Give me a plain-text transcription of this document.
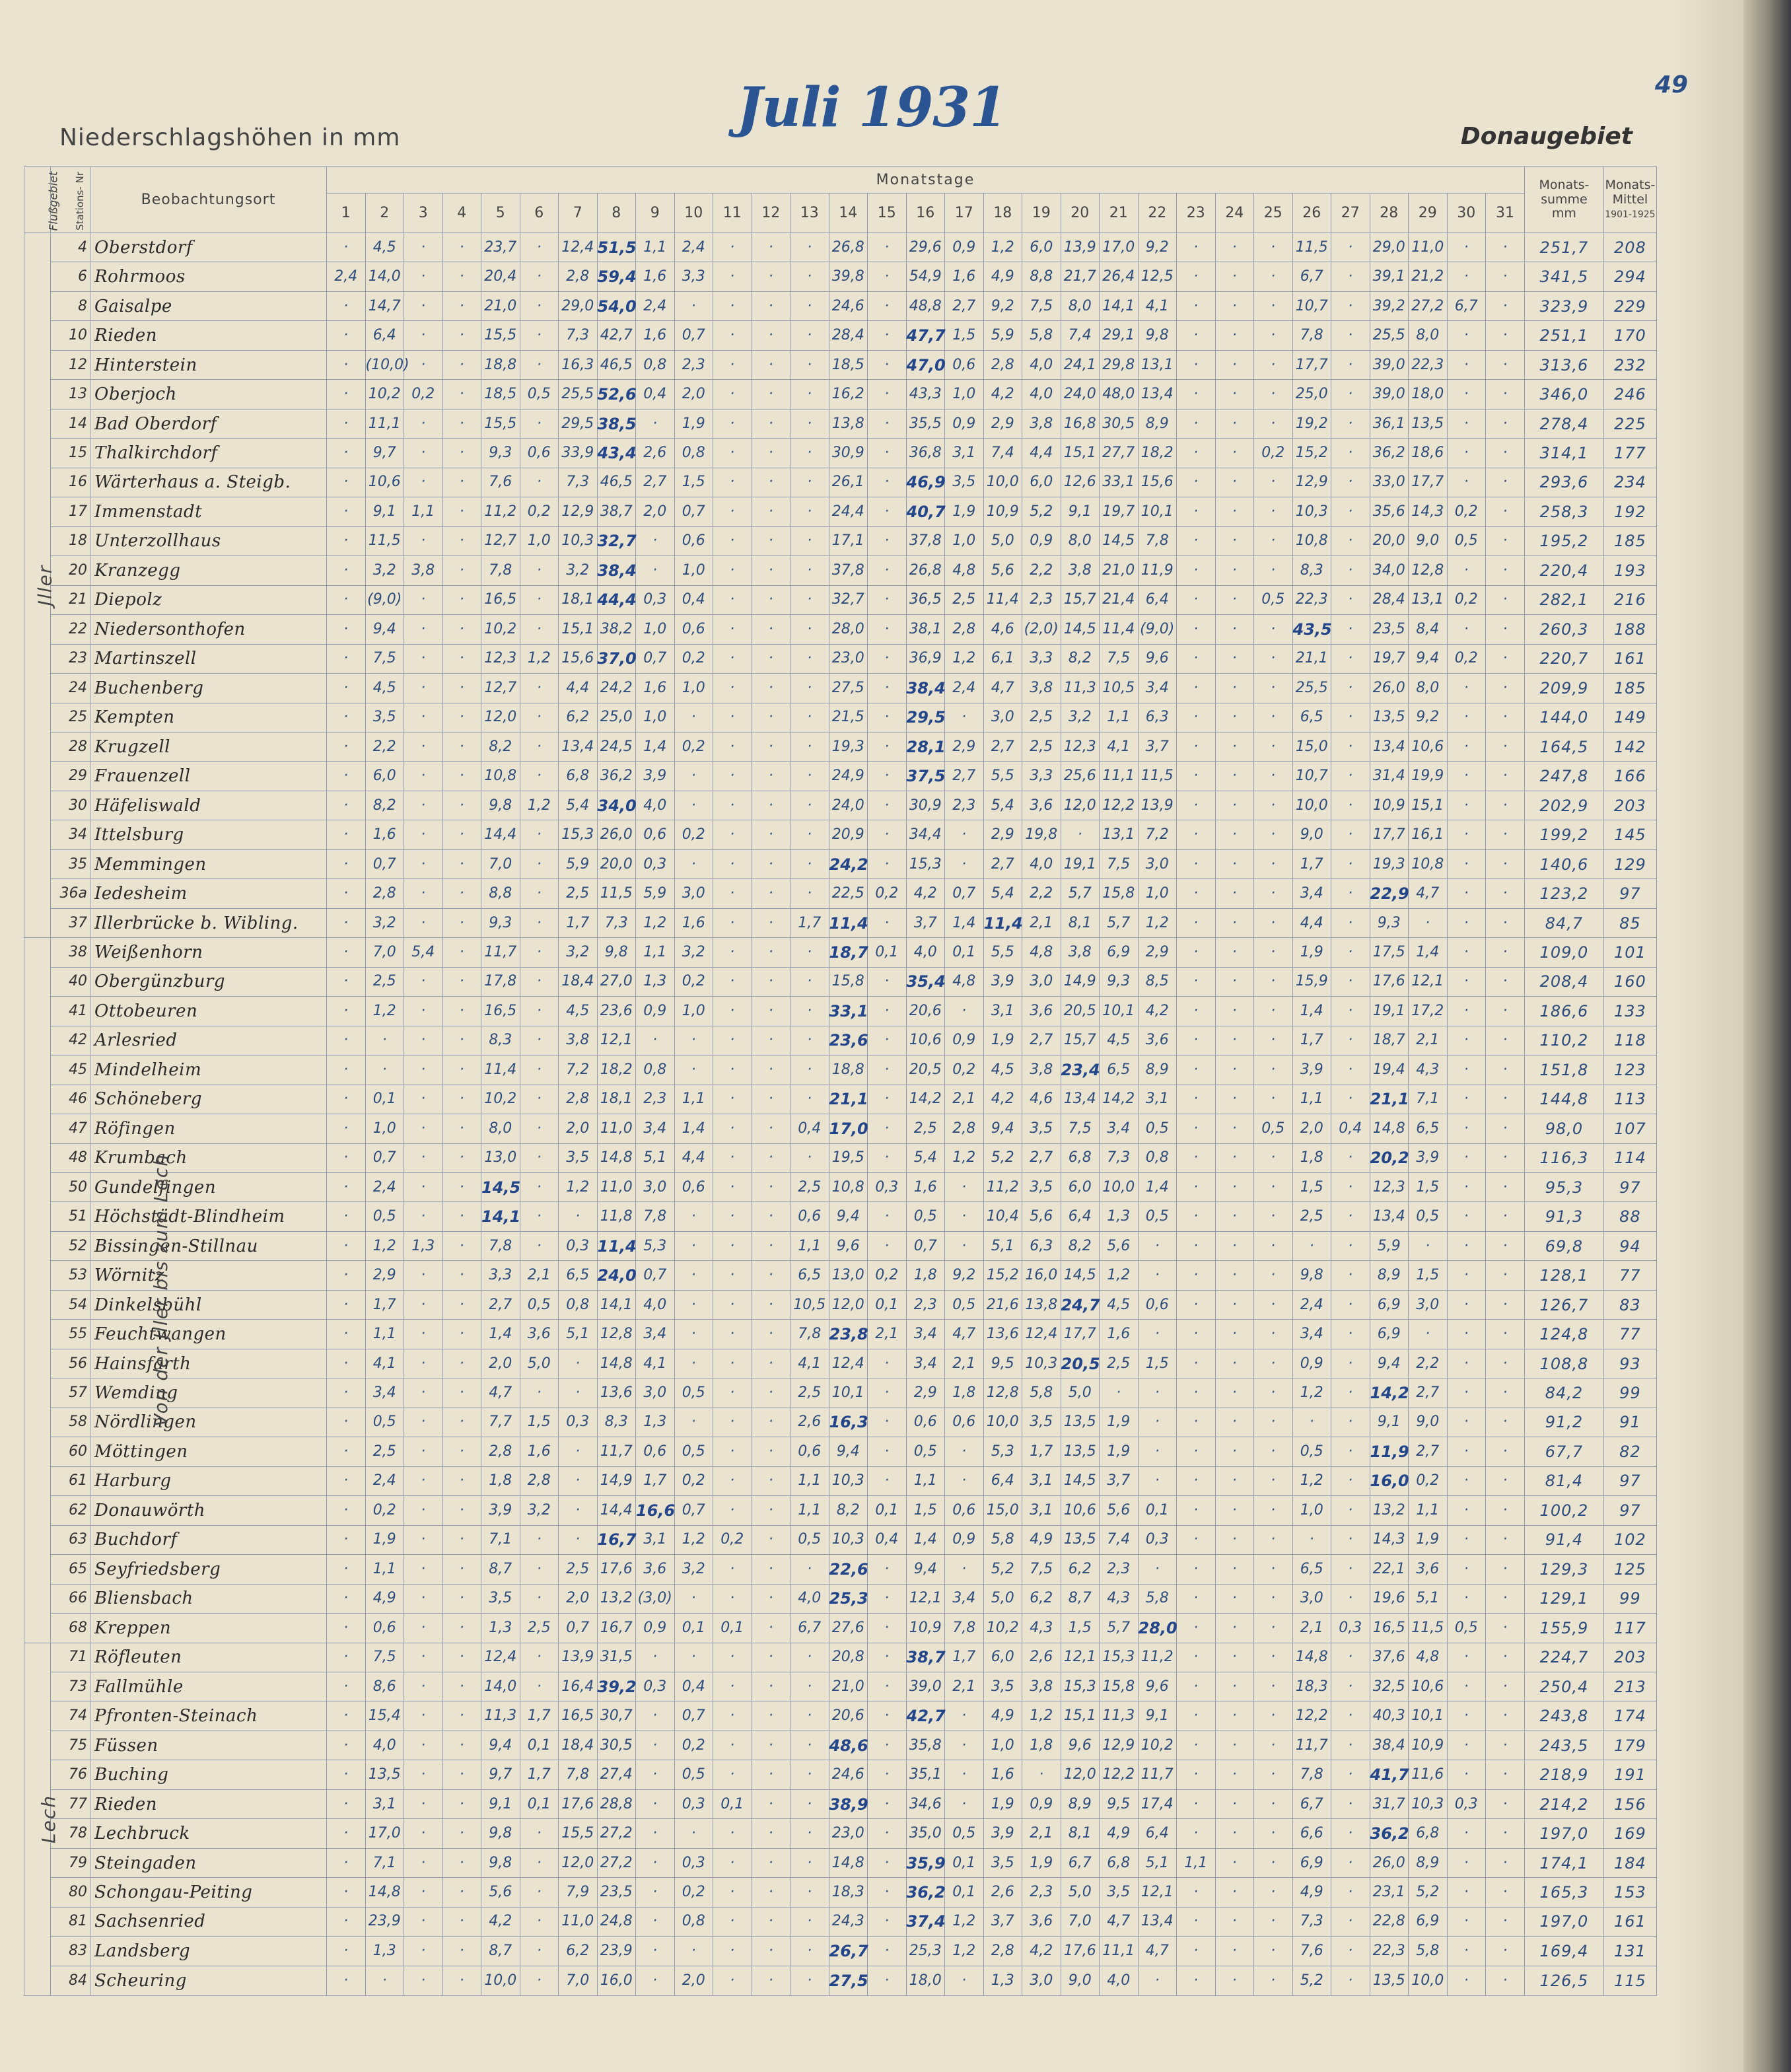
49
Juli 1931
Niederschlagshöhen in mm	Donaugebiet
Flußgebiet	Stations- Nr	Beobachtungsort	Monatstage																															Monats-
summe
mm	Monats-
Mittel
1901-1925
			1	2	3	4	5	6	7	8	9	10	11	12	13	14	15	16	17	18	19	20	21	22	23	24	25	26	27	28	29	30	31		
Jller	4	Oberstdorf	·	4,5	·	·	23,7	·	12,4	51,5	1,1	2,4	·	·	·	26,8	·	29,6	0,9	1,2	6,0	13,9	17,0	9,2	·	·	·	11,5	·	29,0	11,0	·	·	251,7	208
	6	Rohrmoos	2,4	14,0	·	·	20,4	·	2,8	59,4	1,6	3,3	·	·	·	39,8	·	54,9	1,6	4,9	8,8	21,7	26,4	12,5	·	·	·	6,7	·	39,1	21,2	·	·	341,5	294
	8	Gaisalpe	·	14,7	·	·	21,0	·	29,0	54,0	2,4	·	·	·	·	24,6	·	48,8	2,7	9,2	7,5	8,0	14,1	4,1	·	·	·	10,7	·	39,2	27,2	6,7	·	323,9	229
	10	Rieden	·	6,4	·	·	15,5	·	7,3	42,7	1,6	0,7	·	·	·	28,4	·	47,7	1,5	5,9	5,8	7,4	29,1	9,8	·	·	·	7,8	·	25,5	8,0	·	·	251,1	170
	12	Hinterstein	·	(10,0)	·	·	18,8	·	16,3	46,5	0,8	2,3	·	·	·	18,5	·	47,0	0,6	2,8	4,0	24,1	29,8	13,1	·	·	·	17,7	·	39,0	22,3	·	·	313,6	232
	13	Oberjoch	·	10,2	0,2	·	18,5	0,5	25,5	52,6	0,4	2,0	·	·	·	16,2	·	43,3	1,0	4,2	4,0	24,0	48,0	13,4	·	·	·	25,0	·	39,0	18,0	·	·	346,0	246
	14	Bad Oberdorf	·	11,1	·	·	15,5	·	29,5	38,5	·	1,9	·	·	·	13,8	·	35,5	0,9	2,9	3,8	16,8	30,5	8,9	·	·	·	19,2	·	36,1	13,5	·	·	278,4	225
	15	Thalkirchdorf	·	9,7	·	·	9,3	0,6	33,9	43,4	2,6	0,8	·	·	·	30,9	·	36,8	3,1	7,4	4,4	15,1	27,7	18,2	·	·	0,2	15,2	·	36,2	18,6	·	·	314,1	177
	16	Wärterhaus a. Steigb.	·	10,6	·	·	7,6	·	7,3	46,5	2,7	1,5	·	·	·	26,1	·	46,9	3,5	10,0	6,0	12,6	33,1	15,6	·	·	·	12,9	·	33,0	17,7	·	·	293,6	234
	17	Immenstadt	·	9,1	1,1	·	11,2	0,2	12,9	38,7	2,0	0,7	·	·	·	24,4	·	40,7	1,9	10,9	5,2	9,1	19,7	10,1	·	·	·	10,3	·	35,6	14,3	0,2	·	258,3	192
	18	Unterzollhaus	·	11,5	·	·	12,7	1,0	10,3	32,7	·	0,6	·	·	·	17,1	·	37,8	1,0	5,0	0,9	8,0	14,5	7,8	·	·	·	10,8	·	20,0	9,0	0,5	·	195,2	185
	20	Kranzegg	·	3,2	3,8	·	7,8	·	3,2	38,4	·	1,0	·	·	·	37,8	·	26,8	4,8	5,6	2,2	3,8	21,0	11,9	·	·	·	8,3	·	34,0	12,8	·	·	220,4	193
	21	Diepolz	·	(9,0)	·	·	16,5	·	18,1	44,4	0,3	0,4	·	·	·	32,7	·	36,5	2,5	11,4	2,3	15,7	21,4	6,4	·	·	0,5	22,3	·	28,4	13,1	0,2	·	282,1	216
	22	Niedersonthofen	·	9,4	·	·	10,2	·	15,1	38,2	1,0	0,6	·	·	·	28,0	·	38,1	2,8	4,6	(2,0)	14,5	11,4	(9,0)	·	·	·	43,5	·	23,5	8,4	·	·	260,3	188
	23	Martinszell	·	7,5	·	·	12,3	1,2	15,6	37,0	0,7	0,2	·	·	·	23,0	·	36,9	1,2	6,1	3,3	8,2	7,5	9,6	·	·	·	21,1	·	19,7	9,4	0,2	·	220,7	161
	24	Buchenberg	·	4,5	·	·	12,7	·	4,4	24,2	1,6	1,0	·	·	·	27,5	·	38,4	2,4	4,7	3,8	11,3	10,5	3,4	·	·	·	25,5	·	26,0	8,0	·	·	209,9	185
	25	Kempten	·	3,5	·	·	12,0	·	6,2	25,0	1,0	·	·	·	·	21,5	·	29,5	·	3,0	2,5	3,2	1,1	6,3	·	·	·	6,5	·	13,5	9,2	·	·	144,0	149
	28	Krugzell	·	2,2	·	·	8,2	·	13,4	24,5	1,4	0,2	·	·	·	19,3	·	28,1	2,9	2,7	2,5	12,3	4,1	3,7	·	·	·	15,0	·	13,4	10,6	·	·	164,5	142
	29	Frauenzell	·	6,0	·	·	10,8	·	6,8	36,2	3,9	·	·	·	·	24,9	·	37,5	2,7	5,5	3,3	25,6	11,1	11,5	·	·	·	10,7	·	31,4	19,9	·	·	247,8	166
	30	Häfeliswald	·	8,2	·	·	9,8	1,2	5,4	34,0	4,0	·	·	·	·	24,0	·	30,9	2,3	5,4	3,6	12,0	12,2	13,9	·	·	·	10,0	·	10,9	15,1	·	·	202,9	203
	34	Ittelsburg	·	1,6	·	·	14,4	·	15,3	26,0	0,6	0,2	·	·	·	20,9	·	34,4	·	2,9	19,8	·	13,1	7,2	·	·	·	9,0	·	17,7	16,1	·	·	199,2	145
	35	Memmingen	·	0,7	·	·	7,0	·	5,9	20,0	0,3	·	·	·	·	24,2	·	15,3	·	2,7	4,0	19,1	7,5	3,0	·	·	·	1,7	·	19,3	10,8	·	·	140,6	129
	36a	Iedesheim	·	2,8	·	·	8,8	·	2,5	11,5	5,9	3,0	·	·	·	22,5	0,2	4,2	0,7	5,4	2,2	5,7	15,8	1,0	·	·	·	3,4	·	22,9	4,7	·	·	123,2	97
	37	Illerbrücke b. Wibling.	·	3,2	·	·	9,3	·	1,7	7,3	1,2	1,6	·	·	1,7	11,4	·	3,7	1,4	11,4	2,1	8,1	5,7	1,2	·	·	·	4,4	·	9,3	·	·	·	84,7	85
Von der Jller bis zum Lech	38	Weißenhorn	·	7,0	5,4	·	11,7	·	3,2	9,8	1,1	3,2	·	·	·	18,7	0,1	4,0	0,1	5,5	4,8	3,8	6,9	2,9	·	·	·	1,9	·	17,5	1,4	·	·	109,0	101
	40	Obergünzburg	·	2,5	·	·	17,8	·	18,4	27,0	1,3	0,2	·	·	·	15,8	·	35,4	4,8	3,9	3,0	14,9	9,3	8,5	·	·	·	15,9	·	17,6	12,1	·	·	208,4	160
	41	Ottobeuren	·	1,2	·	·	16,5	·	4,5	23,6	0,9	1,0	·	·	·	33,1	·	20,6	·	3,1	3,6	20,5	10,1	4,2	·	·	·	1,4	·	19,1	17,2	·	·	186,6	133
	42	Arlesried	·	·	·	·	8,3	·	3,8	12,1	·	·	·	·	·	23,6	·	10,6	0,9	1,9	2,7	15,7	4,5	3,6	·	·	·	1,7	·	18,7	2,1	·	·	110,2	118
	45	Mindelheim	·	·	·	·	11,4	·	7,2	18,2	0,8	·	·	·	·	18,8	·	20,5	0,2	4,5	3,8	23,4	6,5	8,9	·	·	·	3,9	·	19,4	4,3	·	·	151,8	123
	46	Schöneberg	·	0,1	·	·	10,2	·	2,8	18,1	2,3	1,1	·	·	·	21,1	·	14,2	2,1	4,2	4,6	13,4	14,2	3,1	·	·	·	1,1	·	21,1	7,1	·	·	144,8	113
	47	Röfingen	·	1,0	·	·	8,0	·	2,0	11,0	3,4	1,4	·	·	0,4	17,0	·	2,5	2,8	9,4	3,5	7,5	3,4	0,5	·	·	0,5	2,0	0,4	14,8	6,5	·	·	98,0	107
	48	Krumbach	·	0,7	·	·	13,0	·	3,5	14,8	5,1	4,4	·	·	·	19,5	·	5,4	1,2	5,2	2,7	6,8	7,3	0,8	·	·	·	1,8	·	20,2	3,9	·	·	116,3	114
	50	Gundelfingen	·	2,4	·	·	14,5	·	1,2	11,0	3,0	0,6	·	·	2,5	10,8	0,3	1,6	·	11,2	3,5	6,0	10,0	1,4	·	·	·	1,5	·	12,3	1,5	·	·	95,3	97
	51	Höchstädt-Blindheim	·	0,5	·	·	14,1	·	·	11,8	7,8	·	·	·	0,6	9,4	·	0,5	·	10,4	5,6	6,4	1,3	0,5	·	·	·	2,5	·	13,4	0,5	·	·	91,3	88
	52	Bissingen-Stillnau	·	1,2	1,3	·	7,8	·	0,3	11,4	5,3	·	·	·	1,1	9,6	·	0,7	·	5,1	6,3	8,2	5,6	·	·	·	·	·	·	5,9	·	·	·	69,8	94
	53	Wörnitz	·	2,9	·	·	3,3	2,1	6,5	24,0	0,7	·	·	·	6,5	13,0	0,2	1,8	9,2	15,2	16,0	14,5	1,2	·	·	·	·	9,8	·	8,9	1,5	·	·	128,1	77
	54	Dinkelsbühl	·	1,7	·	·	2,7	0,5	0,8	14,1	4,0	·	·	·	10,5	12,0	0,1	2,3	0,5	21,6	13,8	24,7	4,5	0,6	·	·	·	2,4	·	6,9	3,0	·	·	126,7	83
	55	Feuchtwangen	·	1,1	·	·	1,4	3,6	5,1	12,8	3,4	·	·	·	7,8	23,8	2,1	3,4	4,7	13,6	12,4	17,7	1,6	·	·	·	·	3,4	·	6,9	·	·	·	124,8	77
	56	Hainsfarth	·	4,1	·	·	2,0	5,0	·	14,8	4,1	·	·	·	4,1	12,4	·	3,4	2,1	9,5	10,3	20,5	2,5	1,5	·	·	·	0,9	·	9,4	2,2	·	·	108,8	93
	57	Wemding	·	3,4	·	·	4,7	·	·	13,6	3,0	0,5	·	·	2,5	10,1	·	2,9	1,8	12,8	5,8	5,0	·	·	·	·	·	1,2	·	14,2	2,7	·	·	84,2	99
	58	Nördlingen	·	0,5	·	·	7,7	1,5	0,3	8,3	1,3	·	·	·	2,6	16,3	·	0,6	0,6	10,0	3,5	13,5	1,9	·	·	·	·	·	·	9,1	9,0	·	·	91,2	91
	60	Möttingen	·	2,5	·	·	2,8	1,6	·	11,7	0,6	0,5	·	·	0,6	9,4	·	0,5	·	5,3	1,7	13,5	1,9	·	·	·	·	0,5	·	11,9	2,7	·	·	67,7	82
	61	Harburg	·	2,4	·	·	1,8	2,8	·	14,9	1,7	0,2	·	·	1,1	10,3	·	1,1	·	6,4	3,1	14,5	3,7	·	·	·	·	1,2	·	16,0	0,2	·	·	81,4	97
	62	Donauwörth	·	0,2	·	·	3,9	3,2	·	14,4	16,6	0,7	·	·	1,1	8,2	0,1	1,5	0,6	15,0	3,1	10,6	5,6	0,1	·	·	·	1,0	·	13,2	1,1	·	·	100,2	97
	63	Buchdorf	·	1,9	·	·	7,1	·	·	16,7	3,1	1,2	0,2	·	0,5	10,3	0,4	1,4	0,9	5,8	4,9	13,5	7,4	0,3	·	·	·	·	·	14,3	1,9	·	·	91,4	102
	65	Seyfriedsberg	·	1,1	·	·	8,7	·	2,5	17,6	3,6	3,2	·	·	·	22,6	·	9,4	·	5,2	7,5	6,2	2,3	·	·	·	·	6,5	·	22,1	3,6	·	·	129,3	125
	66	Bliensbach	·	4,9	·	·	3,5	·	2,0	13,2	(3,0)	·	·	·	4,0	25,3	·	12,1	3,4	5,0	6,2	8,7	4,3	5,8	·	·	·	3,0	·	19,6	5,1	·	·	129,1	99
	68	Kreppen	·	0,6	·	·	1,3	2,5	0,7	16,7	0,9	0,1	0,1	·	6,7	27,6	·	10,9	7,8	10,2	4,3	1,5	5,7	28,0	·	·	·	2,1	0,3	16,5	11,5	0,5	·	155,9	117
Lech	71	Röfleuten	·	7,5	·	·	12,4	·	13,9	31,5	·	·	·	·	·	20,8	·	38,7	1,7	6,0	2,6	12,1	15,3	11,2	·	·	·	14,8	·	37,6	4,8	·	·	224,7	203
	73	Fallmühle	·	8,6	·	·	14,0	·	16,4	39,2	0,3	0,4	·	·	·	21,0	·	39,0	2,1	3,5	3,8	15,3	15,8	9,6	·	·	·	18,3	·	32,5	10,6	·	·	250,4	213
	74	Pfronten-Steinach	·	15,4	·	·	11,3	1,7	16,5	30,7	·	0,7	·	·	·	20,6	·	42,7	·	4,9	1,2	15,1	11,3	9,1	·	·	·	12,2	·	40,3	10,1	·	·	243,8	174
	75	Füssen	·	4,0	·	·	9,4	0,1	18,4	30,5	·	0,2	·	·	·	48,6	·	35,8	·	1,0	1,8	9,6	12,9	10,2	·	·	·	11,7	·	38,4	10,9	·	·	243,5	179
	76	Buching	·	13,5	·	·	9,7	1,7	7,8	27,4	·	0,5	·	·	·	24,6	·	35,1	·	1,6	·	12,0	12,2	11,7	·	·	·	7,8	·	41,7	11,6	·	·	218,9	191
	77	Rieden	·	3,1	·	·	9,1	0,1	17,6	28,8	·	0,3	0,1	·	·	38,9	·	34,6	·	1,9	0,9	8,9	9,5	17,4	·	·	·	6,7	·	31,7	10,3	0,3	·	214,2	156
	78	Lechbruck	·	17,0	·	·	9,8	·	15,5	27,2	·	·	·	·	·	23,0	·	35,0	0,5	3,9	2,1	8,1	4,9	6,4	·	·	·	6,6	·	36,2	6,8	·	·	197,0	169
	79	Steingaden	·	7,1	·	·	9,8	·	12,0	27,2	·	0,3	·	·	·	14,8	·	35,9	0,1	3,5	1,9	6,7	6,8	5,1	1,1	·	·	6,9	·	26,0	8,9	·	·	174,1	184
	80	Schongau-Peiting	·	14,8	·	·	5,6	·	7,9	23,5	·	0,2	·	·	·	18,3	·	36,2	0,1	2,6	2,3	5,0	3,5	12,1	·	·	·	4,9	·	23,1	5,2	·	·	165,3	153
	81	Sachsenried	·	23,9	·	·	4,2	·	11,0	24,8	·	0,8	·	·	·	24,3	·	37,4	1,2	3,7	3,6	7,0	4,7	13,4	·	·	·	7,3	·	22,8	6,9	·	·	197,0	161
	83	Landsberg	·	1,3	·	·	8,7	·	6,2	23,9	·	·	·	·	·	26,7	·	25,3	1,2	2,8	4,2	17,6	11,1	4,7	·	·	·	7,6	·	22,3	5,8	·	·	169,4	131
	84	Scheuring	·	·	·	·	10,0	·	7,0	16,0	·	2,0	·	·	·	27,5	·	18,0	·	1,3	3,0	9,0	4,0	·	·	·	·	5,2	·	13,5	10,0	·	·	126,5	115
